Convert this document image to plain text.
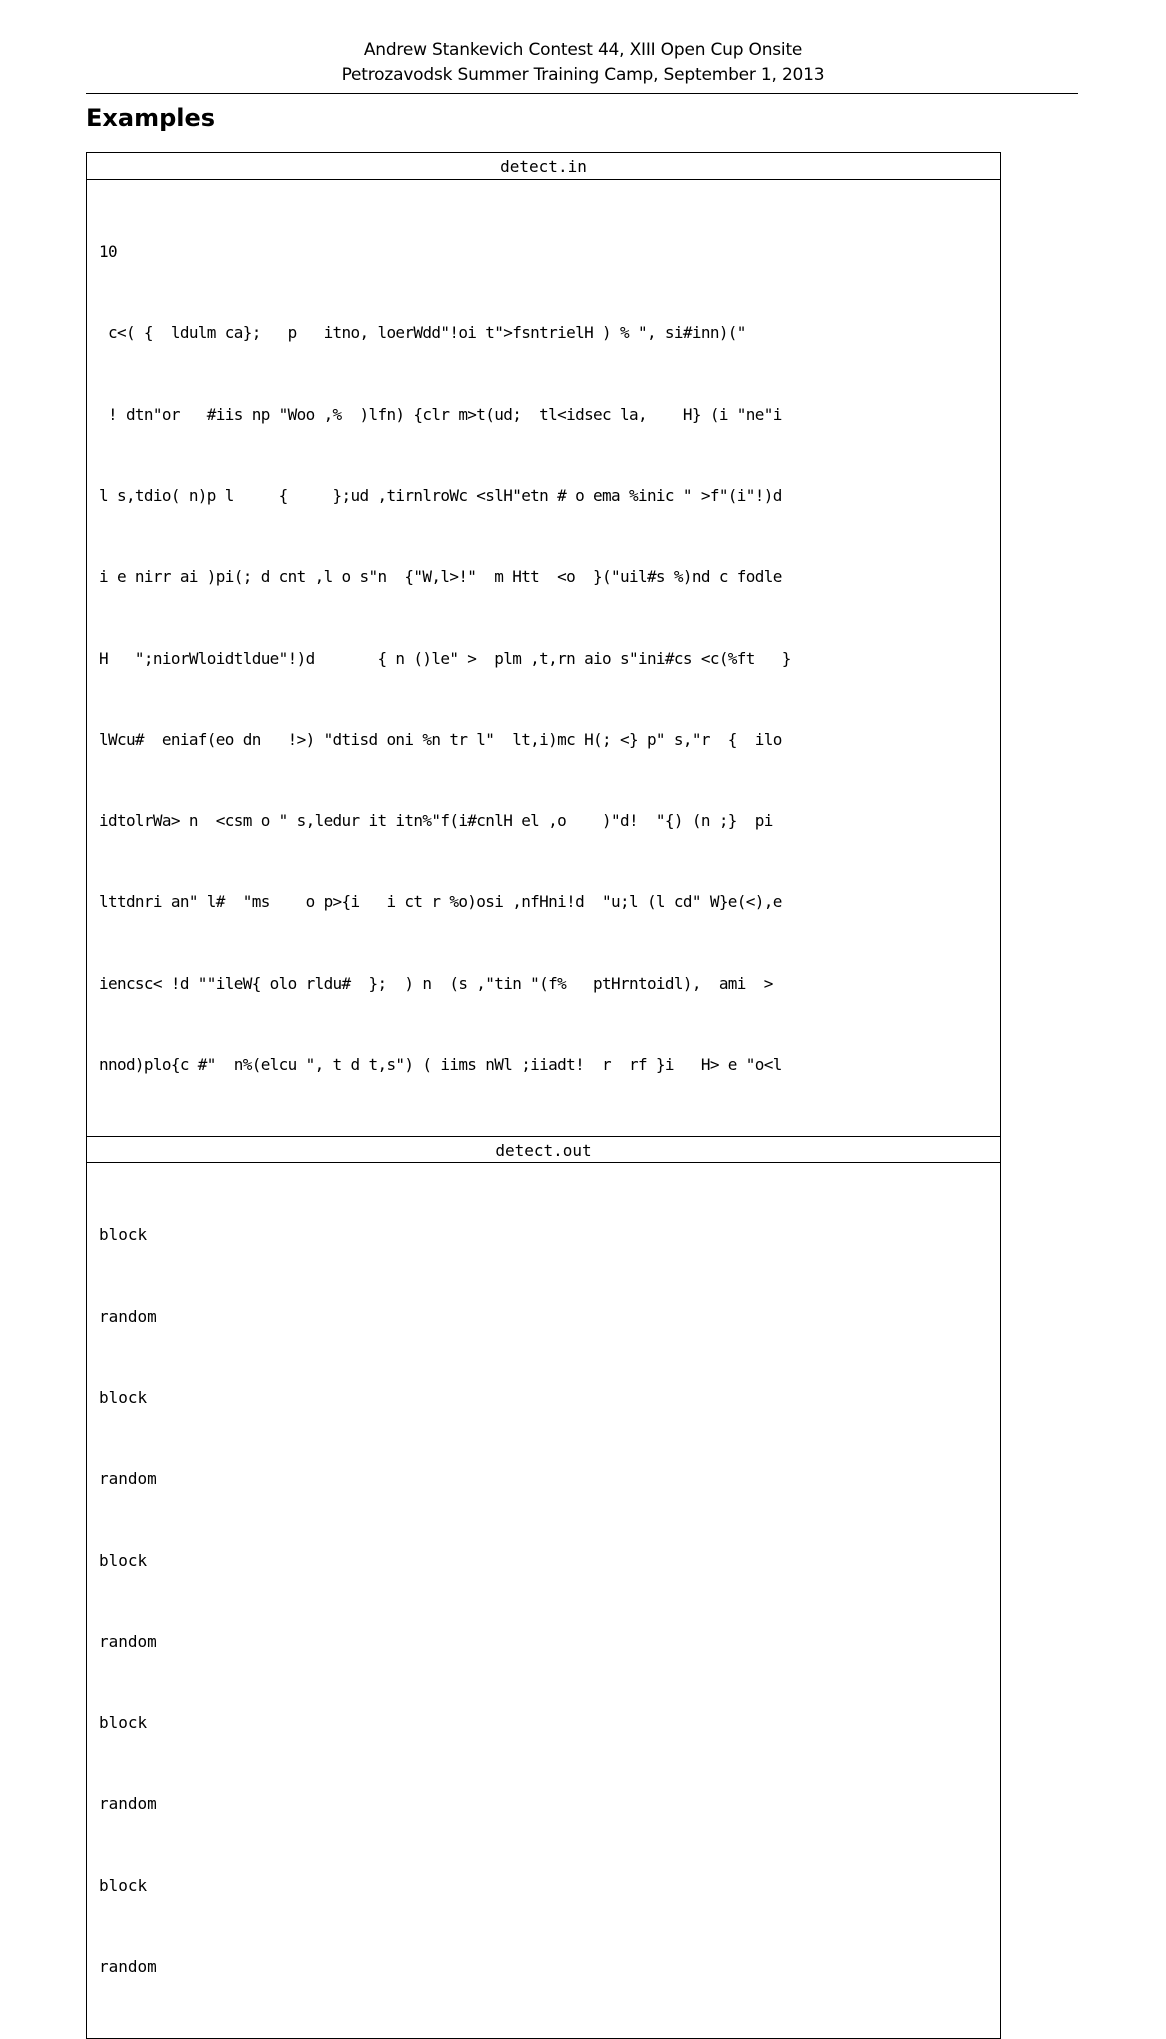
Andrew Stankevich Contest 44, XIII Open Cup Onsite
Petrozavodsk Summer Training Camp, September 1, 2013
Examples
detect.in

10

c<( {  ldulm ca};   p   itno, loerWdd"!oi t">fsntrielH ) % ", si#inn)("

! dtn"or   #iis np "Woo ,%  )lfn) {clr m>t(ud;  tl<idsec la,    H} (i "ne"i

l s,tdio( n)p l     {     };ud ,tirnlroWc <slH"etn # o ema %inic " >f"(i"!)d

i e nirr ai )pi(; d cnt ,l o s"n  {"W,l>!"  m Htt  <o  }("uil#s %)nd c fodle

H   ";niorWloidtldue"!)d       { n ()le" >  plm ,t,rn aio s"ini#cs <c(%ft   }

lWcu#  eniaf(eo dn   !>) "dtisd oni %n tr l"  lt,i)mc H(; <} p" s,"r  {  ilo

idtolrWa> n  <csm o " s,ledur it itn%"f(i#cnlH el ,o    )"d!  "{) (n ;}  pi

lttdnri an" l#  "ms    o p>{i   i ct r %o)osi ,nfHni!d  "u;l (l cd" W}e(<),e

iencsc< !d ""ileW{ olo rldu#  };  ) n  (s ,"tin "(f%   ptHrntoidl),  ami  >

nnod)plo{c #"  n%(elcu ", t d t,s") ( iims nWl ;iiadt!  r  rf }i   H> e "o<l

detect.out

block

random

block

random

block

random

block

random

block

random
